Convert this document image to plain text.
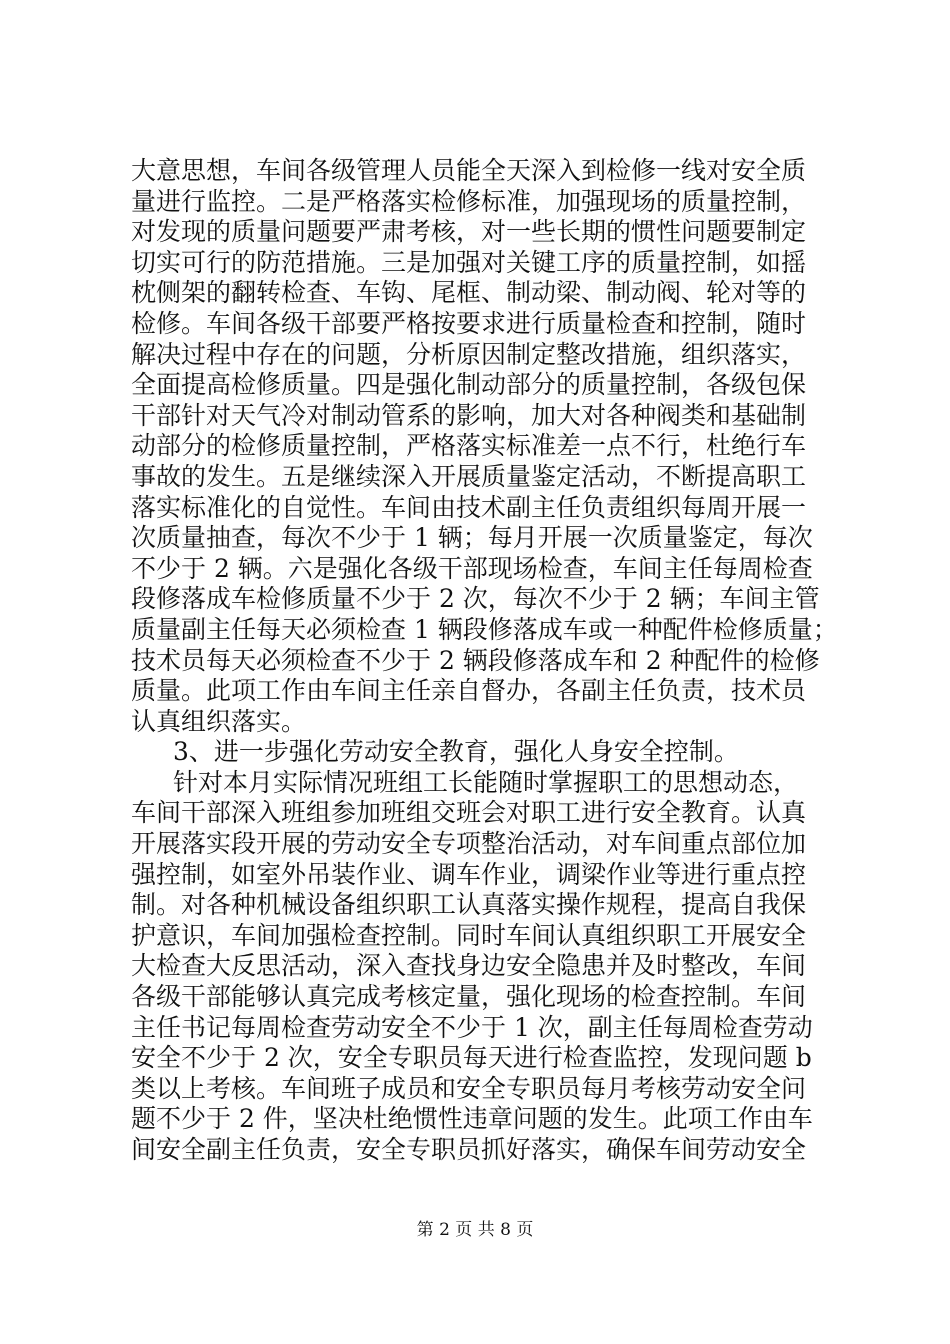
大意思想，车间各级管理人员能全天深入到检修一线对安全质
量进行监控。二是严格落实检修标准，加强现场的质量控制，
对发现的质量问题要严肃考核，对一些长期的惯性问题要制定
切实可行的防范措施。三是加强对关键工序的质量控制，如摇
枕侧架的翻转检查、车钩、尾框、制动梁、制动阀、轮对等的
检修。车间各级干部要严格按要求进行质量检查和控制，随时
解决过程中存在的问题，分析原因制定整改措施，组织落实，
全面提高检修质量。四是强化制动部分的质量控制，各级包保
干部针对天气冷对制动管系的影响，加大对各种阀类和基础制
动部分的检修质量控制，严格落实标准差一点不行，杜绝行车
事故的发生。五是继续深入开展质量鉴定活动，不断提高职工
落实标准化的自觉性。车间由技术副主任负责组织每周开展一
次质量抽查，每次不少于 1 辆；每月开展一次质量鉴定，每次
不少于 2 辆。六是强化各级干部现场检查，车间主任每周检查
段修落成车检修质量不少于 2 次，每次不少于 2 辆；车间主管
质量副主任每天必须检查 1 辆段修落成车或一种配件检修质量；
技术员每天必须检查不少于 2 辆段修落成车和 2 种配件的检修
质量。此项工作由车间主任亲自督办，各副主任负责，技术员
认真组织落实。
3、进一步强化劳动安全教育，强化人身安全控制。
针对本月实际情况班组工长能随时掌握职工的思想动态，
车间干部深入班组参加班组交班会对职工进行安全教育。认真
开展落实段开展的劳动安全专项整治活动，对车间重点部位加
强控制，如室外吊装作业、调车作业，调梁作业等进行重点控
制。对各种机械设备组织职工认真落实操作规程，提高自我保
护意识，车间加强检查控制。同时车间认真组织职工开展安全
大检查大反思活动，深入查找身边安全隐患并及时整改，车间
各级干部能够认真完成考核定量，强化现场的检查控制。车间
主任书记每周检查劳动安全不少于 1 次，副主任每周检查劳动
安全不少于 2 次，安全专职员每天进行检查监控，发现问题 b
类以上考核。车间班子成员和安全专职员每月考核劳动安全问
题不少于 2 件，坚决杜绝惯性违章问题的发生。此项工作由车
间安全副主任负责，安全专职员抓好落实，确保车间劳动安全
第 2 页 共 8 页
